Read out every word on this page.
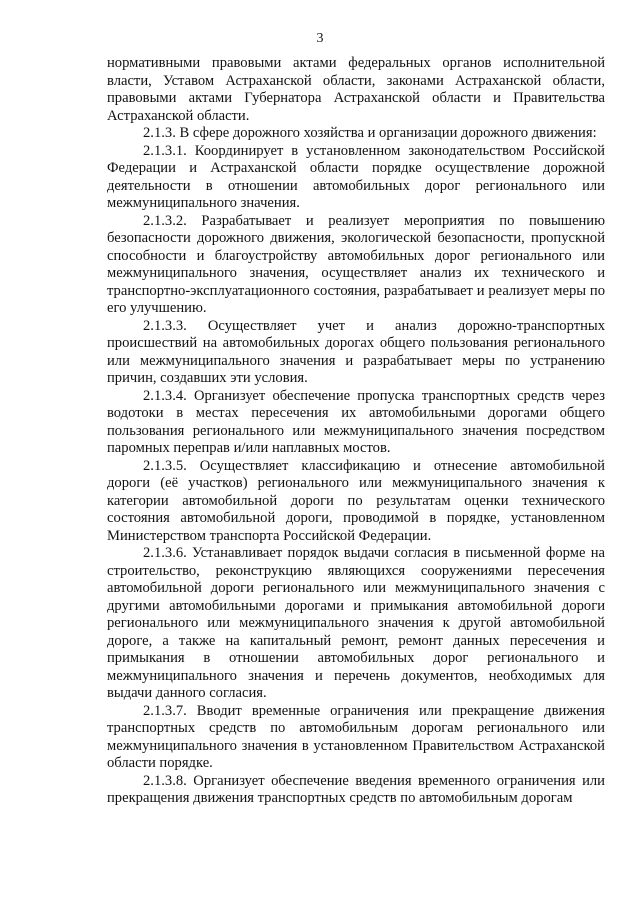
3

нормативными правовыми актами федеральных органов исполнительной власти, Уставом Астраханской области, законами Астраханской области, правовыми актами Губернатора Астраханской области и Правительства Астраханской области.

2.1.3. В сфере дорожного хозяйства и организации дорожного движения:

2.1.3.1. Координирует в установленном законодательством Российской Федерации и Астраханской области порядке осуществление дорожной деятельности в отношении автомобильных дорог регионального или межмуниципального значения.

2.1.3.2. Разрабатывает и реализует мероприятия по повышению безопасности дорожного движения, экологической безопасности, пропускной способности и благоустройству автомобильных дорог регионального или межмуниципального значения, осуществляет анализ их технического и транспортно-эксплуатационного состояния, разрабатывает и реализует меры по его улучшению.

2.1.3.3. Осуществляет учет и анализ дорожно-транспортных происшествий на автомобильных дорогах общего пользования регионального или межмуниципального значения и разрабатывает меры по устранению причин, создавших эти условия.

2.1.3.4. Организует обеспечение пропуска транспортных средств через водотоки в местах пересечения их автомобильными дорогами общего пользования регионального или межмуниципального значения посредством паромных переправ и/или наплавных мостов.

2.1.3.5. Осуществляет классификацию и отнесение автомобильной дороги (её участков) регионального или межмуниципального значения к категории автомобильной дороги по результатам оценки технического состояния автомобильной дороги, проводимой в порядке, установленном Министерством транспорта Российской Федерации.

2.1.3.6. Устанавливает порядок выдачи согласия в письменной форме на строительство, реконструкцию являющихся сооружениями пересечения автомобильной дороги регионального или межмуниципального значения с другими автомобильными дорогами и примыкания автомобильной дороги регионального или межмуниципального значения к другой автомобильной дороге, а также на капитальный ремонт, ремонт данных пересечения и примыкания в отношении автомобильных дорог регионального и межмуниципального значения и перечень документов, необходимых для выдачи данного согласия.

2.1.3.7. Вводит временные ограничения или прекращение движения транспортных средств по автомобильным дорогам регионального или межмуниципального значения в установленном Правительством Астраханской области порядке.

2.1.3.8. Организует обеспечение введения временного ограничения или прекращения движения транспортных средств по автомобильным дорогам
